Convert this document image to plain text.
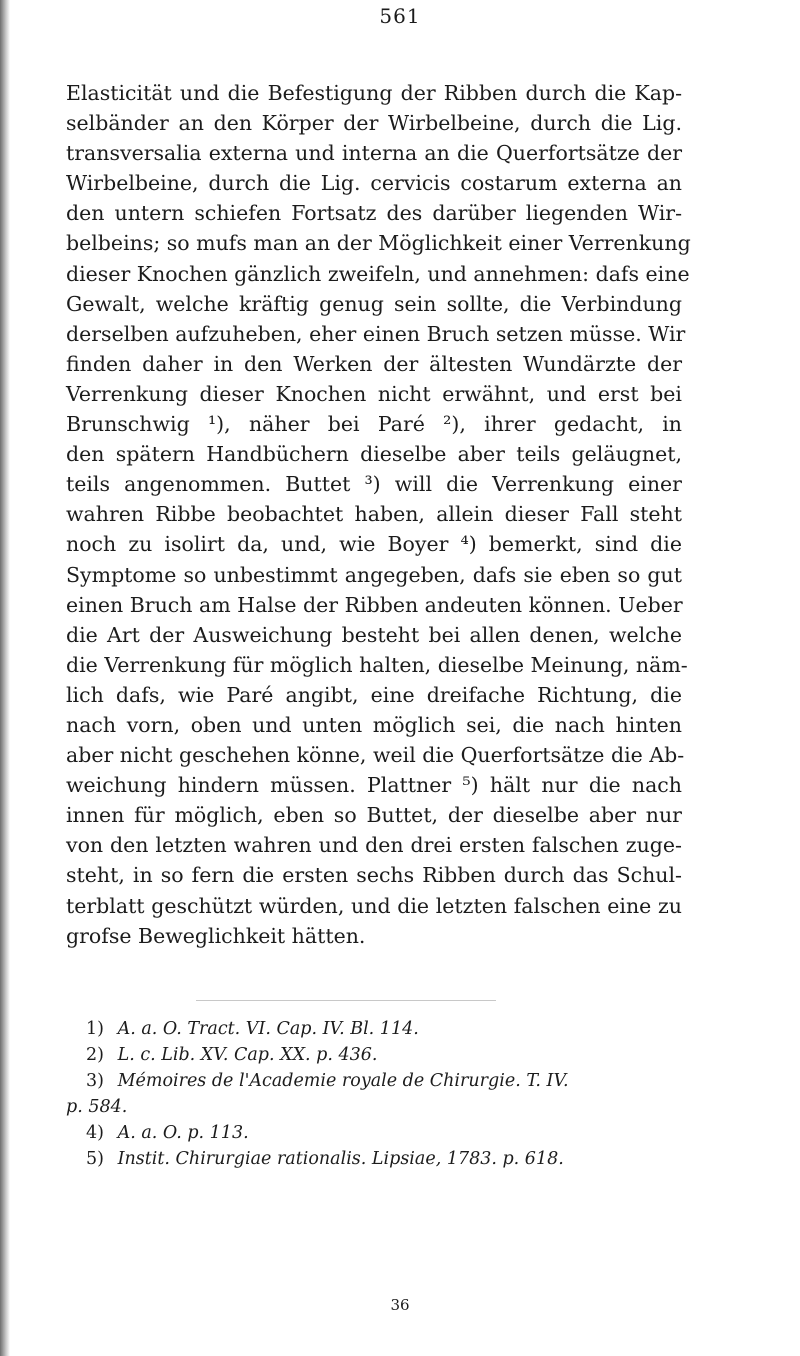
561
Elasticität und die Befestigung der Ribben durch die Kap-
selbänder an den Körper der Wirbelbeine, durch die Lig.
transversalia externa und interna an die Querfortsätze der
Wirbelbeine, durch die Lig. cervicis costarum externa an
den untern schiefen Fortsatz des darüber liegenden Wir-
belbeins; so mufs man an der Möglichkeit einer Verrenkung
dieser Knochen gänzlich zweifeln, und annehmen: dafs eine
Gewalt, welche kräftig genug sein sollte, die Verbindung
derselben aufzuheben, eher einen Bruch setzen müsse. Wir
finden daher in den Werken der ältesten Wundärzte der
Verrenkung dieser Knochen nicht erwähnt, und erst bei
Brunschwig ¹), näher bei Paré ²), ihrer gedacht, in
den spätern Handbüchern dieselbe aber teils geläugnet,
teils angenommen. Buttet ³) will die Verrenkung einer
wahren Ribbe beobachtet haben, allein dieser Fall steht
noch zu isolirt da, und, wie Boyer ⁴) bemerkt, sind die
Symptome so unbestimmt angegeben, dafs sie eben so gut
einen Bruch am Halse der Ribben andeuten können. Ueber
die Art der Ausweichung besteht bei allen denen, welche
die Verrenkung für möglich halten, dieselbe Meinung, näm-
lich dafs, wie Paré angibt, eine dreifache Richtung, die
nach vorn, oben und unten möglich sei, die nach hinten
aber nicht geschehen könne, weil die Querfortsätze die Ab-
weichung hindern müssen. Plattner ⁵) hält nur die nach
innen für möglich, eben so Buttet, der dieselbe aber nur
von den letzten wahren und den drei ersten falschen zuge-
steht, in so fern die ersten sechs Ribben durch das Schul-
terblatt geschützt würden, und die letzten falschen eine zu
grofse Beweglichkeit hätten.
1) A. a. O. Tract. VI. Cap. IV. Bl. 114.
2) L. c. Lib. XV. Cap. XX. p. 436.
3) Mémoires de l'Academie royale de Chirurgie. T. IV.
p. 584.
4) A. a. O. p. 113.
5) Instit. Chirurgiae rationalis. Lipsiae, 1783. p. 618.
36
